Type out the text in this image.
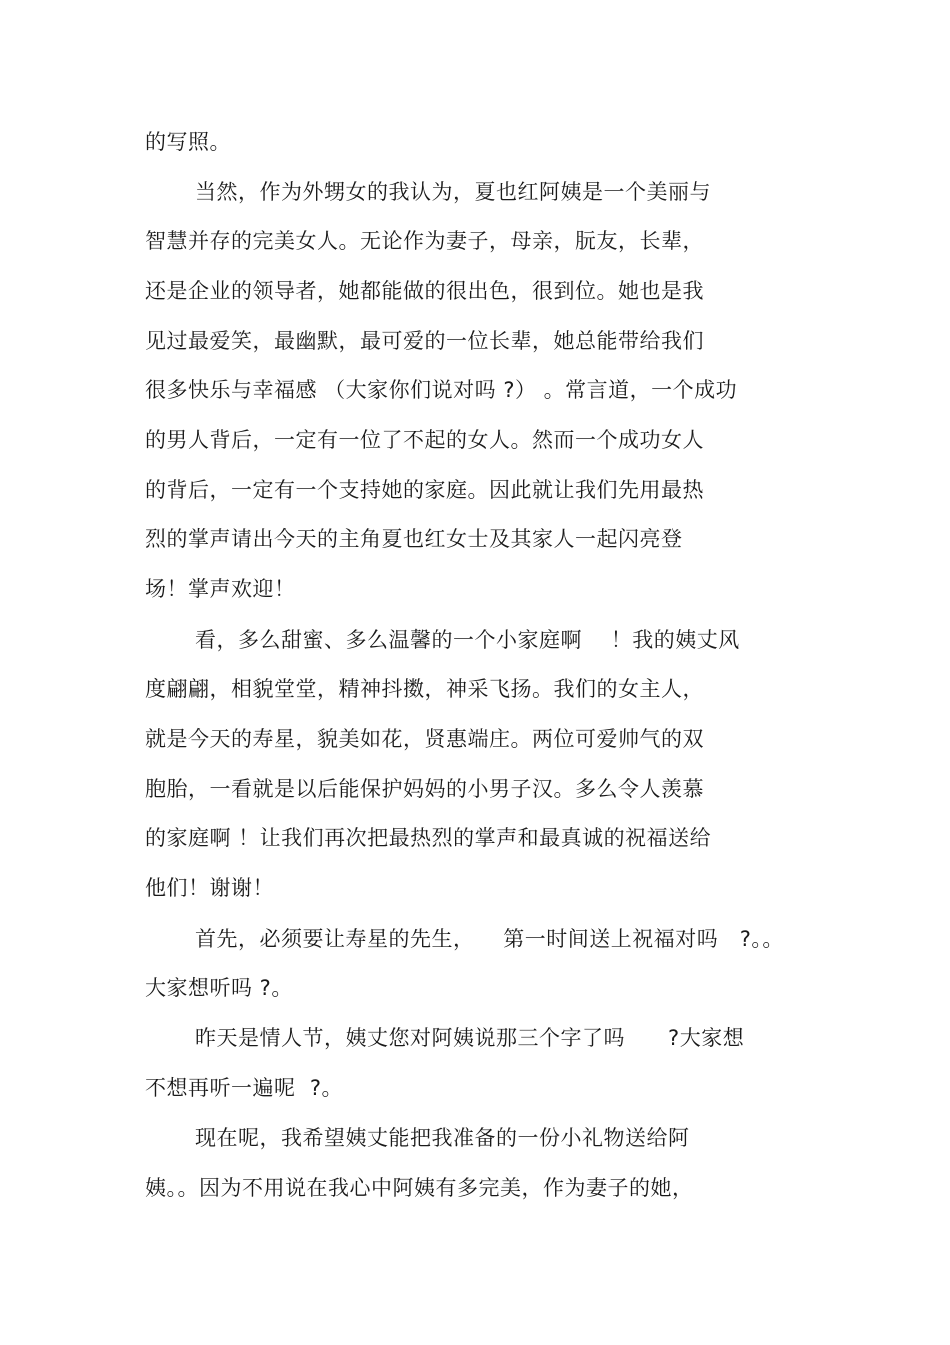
的写照。
当然，作为外甥女的我认为，夏也红阿姨是一个美丽与
智慧并存的完美女人。无论作为妻子，母亲，朊友，长辈，
还是企业的领导者，她都能做的很出色，很到位。她也是我
见过最爱笑，最幽默，最可爱的一位长辈，她总能带给我们
很多快乐与幸福感 （大家你们说对吗 ?） 。常言道，一个成功
的男人背后，一定有一位了不起的女人。然而一个成功女人
的背后，一定有一个支持她的家庭。因此就让我们先用最热
烈的掌声请出今天的主角夏也红女士及其家人一起闪亮登
场！掌声欢迎！
看，多么甜蜜、多么温馨的一个小家庭啊    ！我的姨丈风
度翩翩，相貌堂堂，精神抖擞，神采飞扬。我们的女主人，
就是今天的寿星，貌美如花，贤惠端庄。两位可爱帅气的双
胞胎，一看就是以后能保护妈妈的小男子汉。多么令人羡慕
的家庭啊 ！让我们再次把最热烈的掌声和最真诚的祝福送给
他们！谢谢！
首先，必须要让寿星的先生，    第一时间送上祝福对吗   ?。。
大家想听吗 ?。
昨天是情人节，姨丈您对阿姨说那三个字了吗      ?大家想
不想再听一遍呢  ?。
现在呢，我希望姨丈能把我准备的一份小礼物送给阿
姨。。因为不用说在我心中阿姨有多完美，作为妻子的她，
